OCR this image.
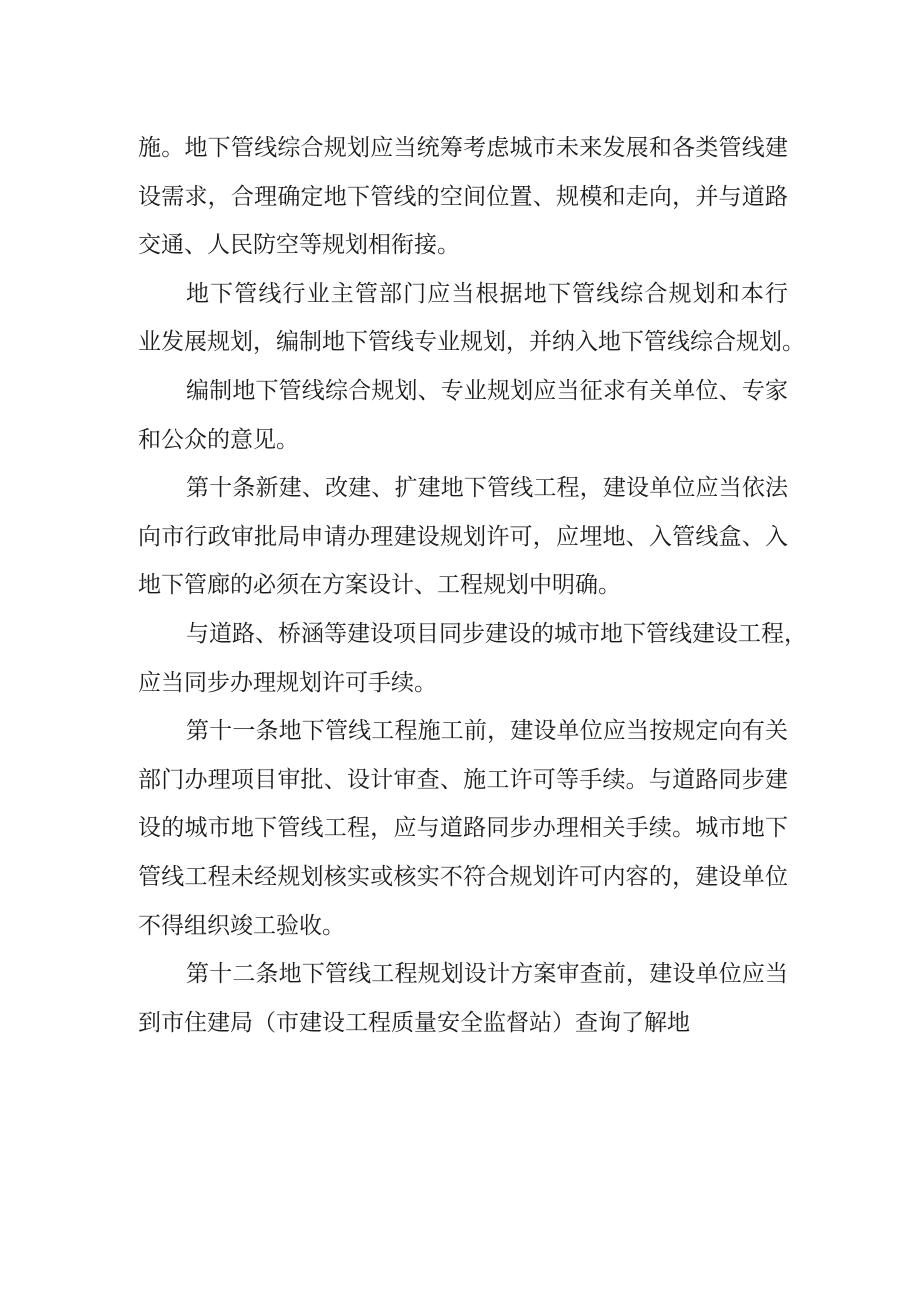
施。地下管线综合规划应当统筹考虑城市未来发展和各类管线建
设需求，合理确定地下管线的空间位置、规模和走向，并与道路
交通、人民防空等规划相衔接。
地下管线行业主管部门应当根据地下管线综合规划和本行
业发展规划，编制地下管线专业规划，并纳入地下管线综合规划。
编制地下管线综合规划、专业规划应当征求有关单位、专家
和公众的意见。
第十条新建、改建、扩建地下管线工程，建设单位应当依法
向市行政审批局申请办理建设规划许可，应埋地、入管线盒、入
地下管廊的必须在方案设计、工程规划中明确。
与道路、桥涵等建设项目同步建设的城市地下管线建设工程，
应当同步办理规划许可手续。
第十一条地下管线工程施工前，建设单位应当按规定向有关
部门办理项目审批、设计审查、施工许可等手续。与道路同步建
设的城市地下管线工程，应与道路同步办理相关手续。城市地下
管线工程未经规划核实或核实不符合规划许可内容的，建设单位
不得组织竣工验收。
第十二条地下管线工程规划设计方案审查前，建设单位应当
到市住建局（市建设工程质量安全监督站）查询了解地
